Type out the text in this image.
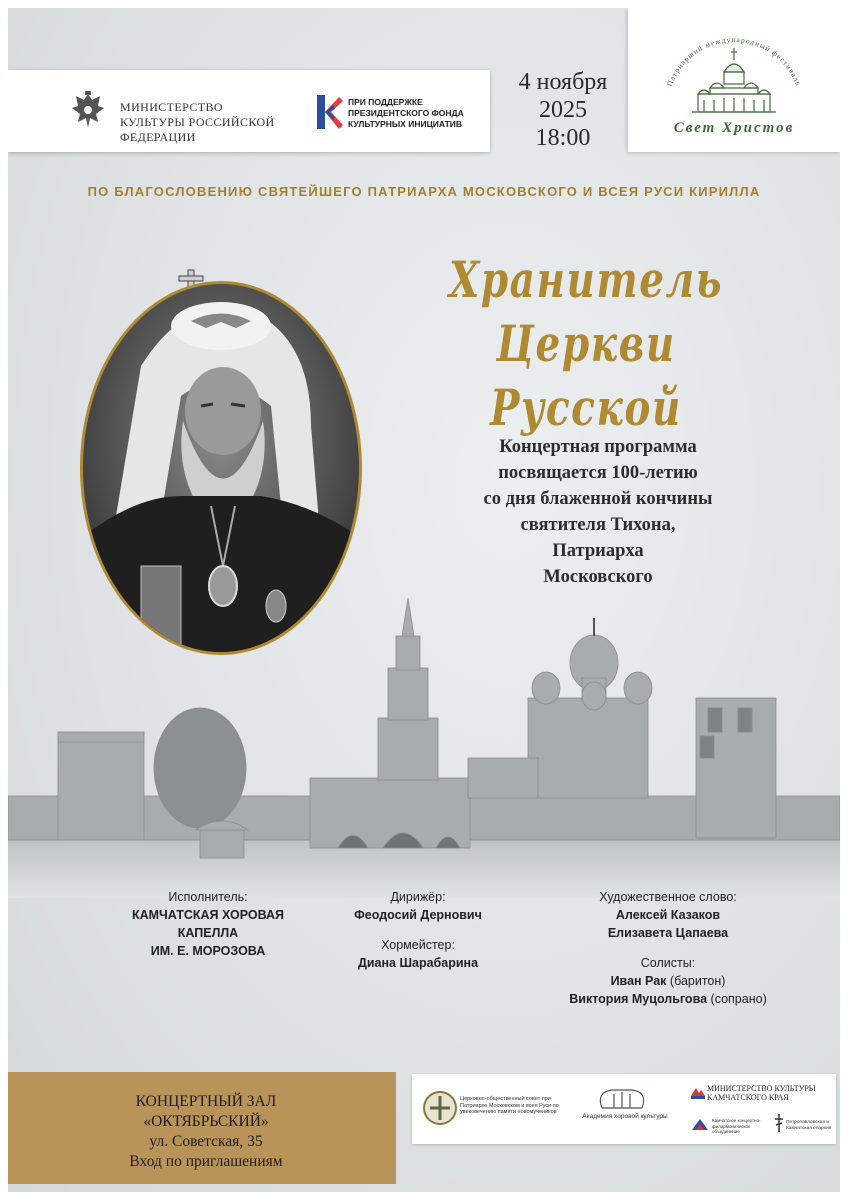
МИНИСТЕРСТВО КУЛЬТУРЫ РОССИЙСКОЙ ФЕДЕРАЦИИ
ПРИ ПОДДЕРЖКЕ ПРЕЗИДЕНТСКОГО ФОНДА КУЛЬТУРНЫХ ИНИЦИАТИВ
4 ноября
2025
18:00
Патриарший международный фестиваль
Свет Христов
ПО БЛАГОСЛОВЕНИЮ СВЯТЕЙШЕГО ПАТРИАРХА МОСКОВСКОГО И ВСЕЯ РУСИ КИРИЛЛА
Хранитель
Церкви Русской
Концертная программа
посвящается 100-летию
со дня блаженной кончины
святителя Тихона,
Патриарха
Московского
Исполнитель:
КАМЧАТСКАЯ ХОРОВАЯ
КАПЕЛЛА
ИМ. Е. МОРОЗОВА
Дирижёр:
Феодосий Дернович
Хормейстер:
Диана Шарабарина
Художественное слово:
Алексей Казаков
Елизавета Цапаева
Солисты:
Иван Рак (баритон)
Виктория Муцольгова (сопрано)
КОНЦЕРТНЫЙ ЗАЛ
«ОКТЯБРЬСКИЙ»
ул. Советская, 35
Вход по приглашениям
Церковно-общественный совет при Патриархе Московском и всея Руси по увековечению памяти новомучеников
Академия хоровой культуры
МИНИСТЕРСТВО КУЛЬТУРЫ КАМЧАТСКОГО КРАЯ
Камчатское концертно-филармоническое объединение
Петропавловская и Камчатская епархия
